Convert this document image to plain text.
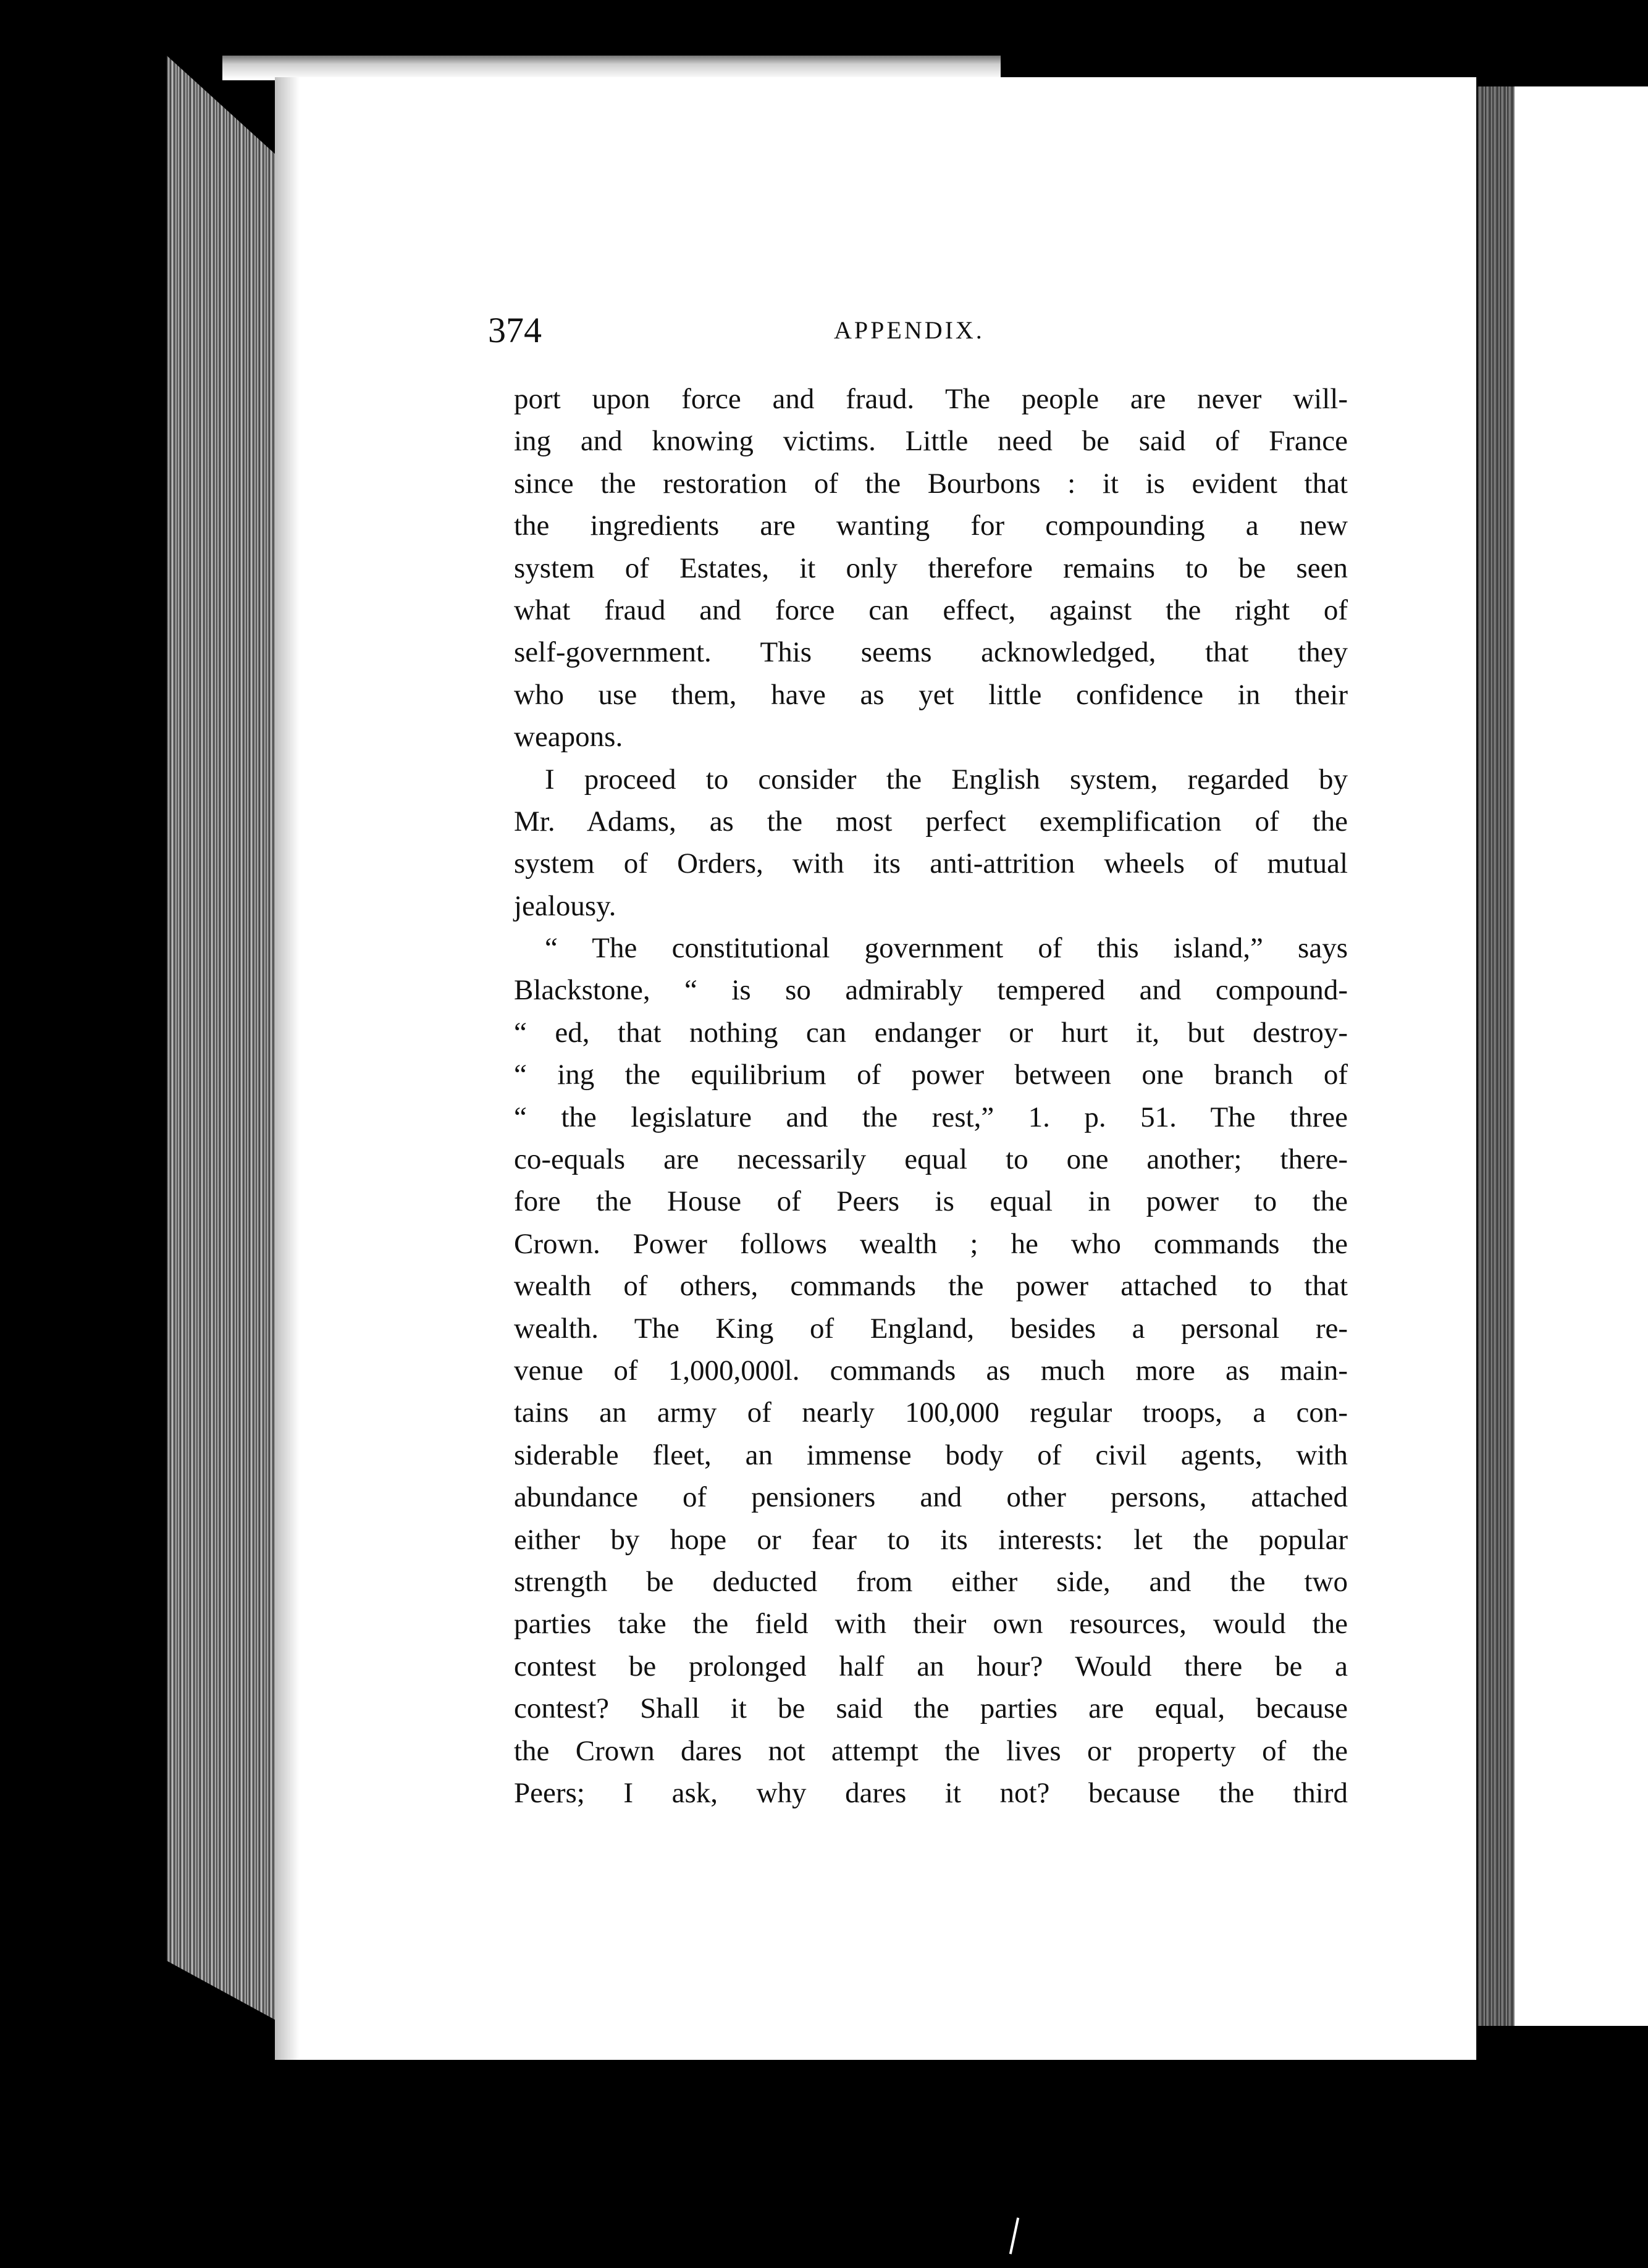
374	APPENDIX.
port upon force and fraud. The people are never will-
ing and knowing victims. Little need be said of France
since the restoration of the Bourbons : it is evident that
the ingredients are wanting for compounding a new
system of Estates, it only therefore remains to be seen
what fraud and force can effect, against the right of
self-government. This seems acknowledged, that they
who use them, have as yet little confidence in their
weapons.
I proceed to consider the English system, regarded by
Mr. Adams, as the most perfect exemplification of the
system of Orders, with its anti-attrition wheels of mutual
jealousy.
“ The constitutional government of this island,” says
Blackstone, “ is so admirably tempered and compound-
“ ed, that nothing can endanger or hurt it, but destroy-
“ ing the equilibrium of power between one branch of
“ the legislature and the rest,” 1. p. 51. The three
co-equals are necessarily equal to one another; there-
fore the House of Peers is equal in power to the
Crown. Power follows wealth ; he who commands the
wealth of others, commands the power attached to that
wealth. The King of England, besides a personal re-
venue of 1,000,000l. commands as much more as main-
tains an army of nearly 100,000 regular troops, a con-
siderable fleet, an immense body of civil agents, with
abundance of pensioners and other persons, attached
either by hope or fear to its interests: let the popular
strength be deducted from either side, and the two
parties take the field with their own resources, would the
contest be prolonged half an hour? Would there be a
contest? Shall it be said the parties are equal, because
the Crown dares not attempt the lives or property of the
Peers; I ask, why dares it not? because the third
